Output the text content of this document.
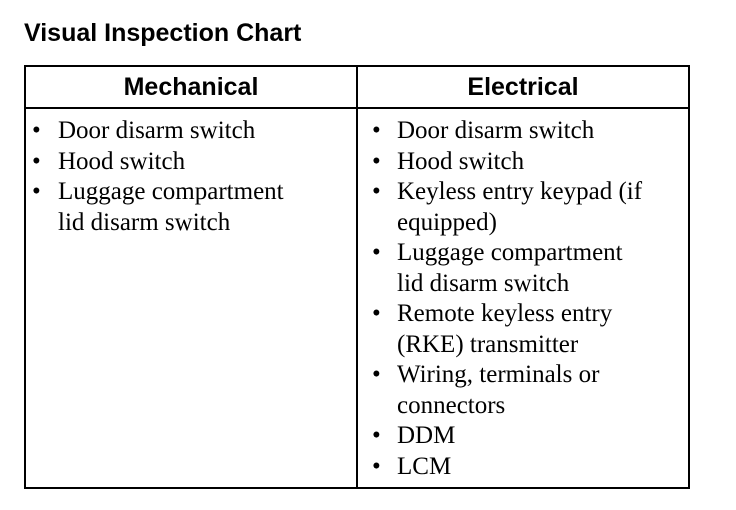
Visual Inspection Chart
Mechanical	Electrical
• Door disarm switch
• Hood switch
• Luggage compartment
lid disarm switch
• Door disarm switch
• Hood switch
• Keyless entry keypad (if
equipped)
• Luggage compartment
lid disarm switch
• Remote keyless entry
(RKE) transmitter
• Wiring, terminals or
connectors
• DDM
• LCM
